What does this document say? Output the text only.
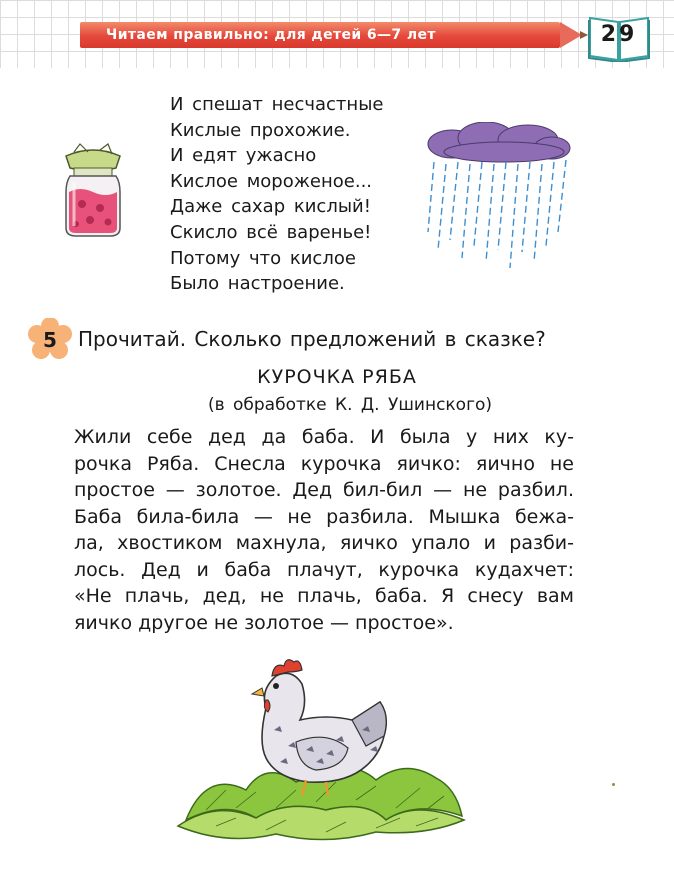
Читаем правильно: для детей 6—7 лет	29
И спешат несчастные
Кислые прохожие.
И едят ужасно
Кислое мороженое...
Даже сахар кислый!
Скисло всё варенье!
Потому что кислое
Было настроение.
5	Прочитай. Сколько предложений в сказке?
КУРОЧКА РЯБА
(в обработке К. Д. Ушинского)
Жили себе дед да баба. И была у них ку-
рочка Ряба. Снесла курочка яичко: яично не
простое — золотое. Дед бил-бил — не разбил.
Баба била-била — не разбила. Мышка бежа-
ла, хвостиком махнула, яичко упало и разби-
лось. Дед и баба плачут, курочка кудахчет:
«Не плачь, дед, не плачь, баба. Я снесу вам
яичко другое не золотое — простое».
